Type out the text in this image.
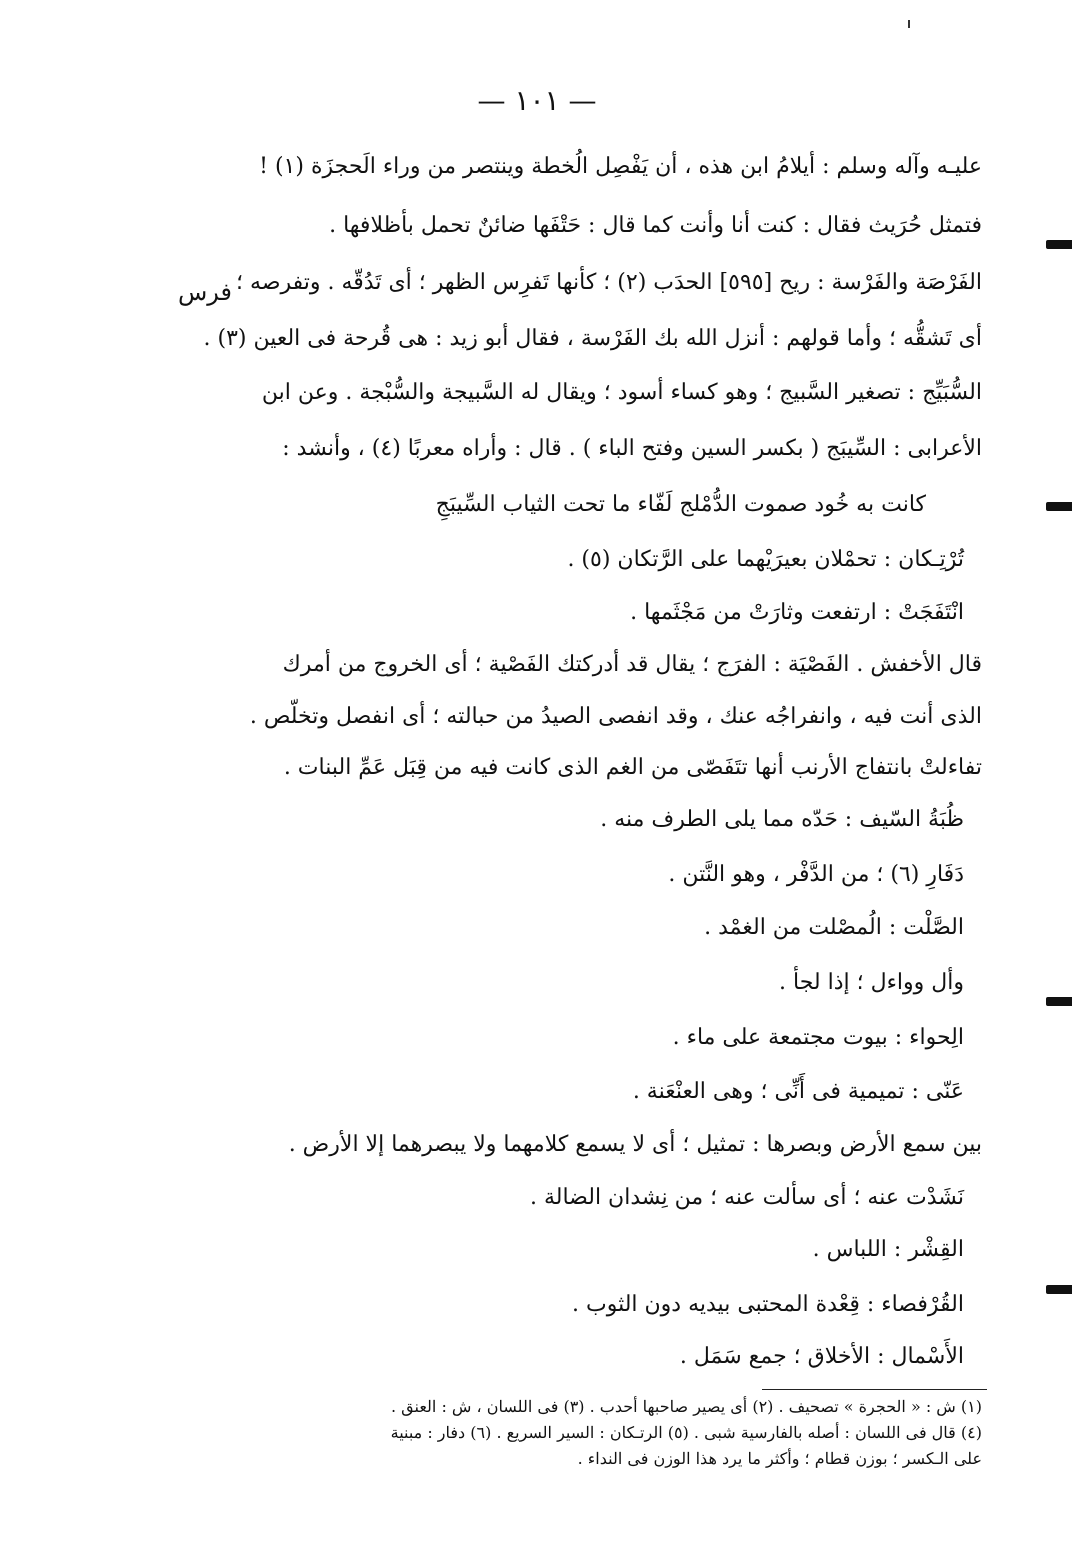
— ١٠١ —
فرس
عليـه وآله وسلم : أيلامُ ابن هذه ، أن يَفْصِل الُخطة وينتصر من وراء الَحجزَة (١) !
فتمثل حُرَيث فقال : كنت أنا وأنت كما قال : حَتْفَها ضائنٌ تحمل بأظلافها .
الفَرْصَة والفَرْسة : ريح [٥٩٥] الحدَب (٢) ؛ كأنها تَفرِس الظهر ؛ أى تَدُقّه . وتفرصه ؛
أى تَشقُّه ؛ وأما قولهم : أنزل الله بك الفَرْسة ، فقال أبو زيد : هى قُرحة فى العين (٣) .
السُّبَيِّج : تصغير السَّبيج ؛ وهو كساء أسود ؛ ويقال له السَّبيجة والسُّبْجة . وعن ابن
الأعرابى : السِّيبَج ( بكسر السين وفتح الباء ) . قال : وأراه معربًا (٤) ، وأنشد :
كانت به خُود صموت الدُّمْلج لَفّاء ما تحت الثياب السِّيبَجِ
تُرْتِـكان : تحمْلان بعيرَيْهما على الرَّتكان (٥) .
انْتَفَجَتْ : ارتفعت وثارَتْ من مَجْثَمها .
قال الأخفش . الفَصْيَة : الفرَج ؛ يقال قد أدركتك الفَصْية ؛ أى الخروج من أمرك
الذى أنت فيه ، وانفراجُه عنك ، وقد انفصى الصيدُ من حبالته ؛ أى انفصل وتخلّص .
تفاءلتْ بانتفاج الأرنب أنها تتَفَصّى من الغم الذى كانت فيه من قِبَل عَمِّ البنات .
ظُبَةُ السّيف : حَدّه مما يلى الطرف منه .
دَفَارِ (٦) ؛ من الدَّفْر ، وهو النَّتن .
الصَّلْت : الُمصْلت من الغمْد .
وأل وواءل ؛ إذا لجأ .
الِحواء : بيوت مجتمعة على ماء .
عَنّى : تميمية فى أَنِّى ؛ وهى العنْعَنة .
بين سمع الأرض وبصرها : تمثيل ؛ أى لا يسمع كلامهما ولا يبصرهما إلا الأرض .
نَشَدْت عنه ؛ أى سألت عنه ؛ من نِشدان الضالة .
القِشْر : اللباس .
القُرْفصاء : قِعْدة المحتبى بيديه دون الثوب .
الأَسْمال : الأخلاق ؛ جمع سَمَل .
(١) ش : « الحجرة » تصحيف . (٢) أى يصير صاحبها أحدب . (٣) فى اللسان ، ش : العنق .
(٤) قال فى اللسان : أصله بالفارسية شبى . (٥) الرتـكان : السير السريع . (٦) دفار : مبنية
على الـكسر ؛ بوزن قطام ؛ وأكثر ما يرد هذا الوزن فى النداء .
